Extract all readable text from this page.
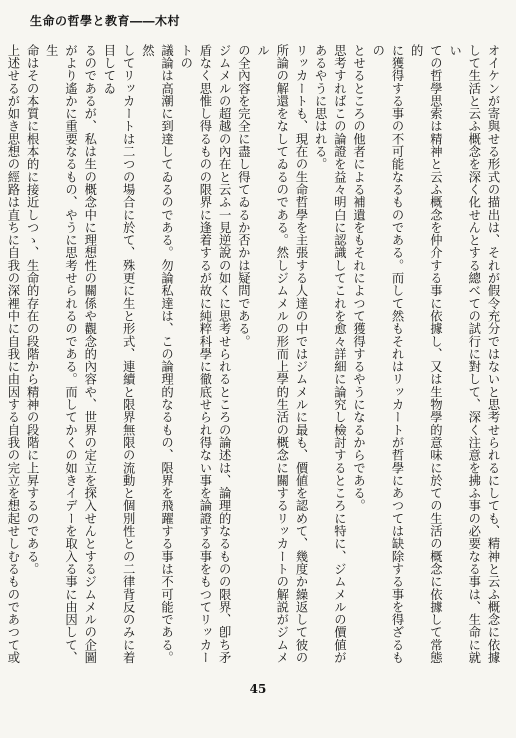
生命の哲學と教育――木村

オイケンが寄與せる形式の描出は、それが假令充分ではないと思考せられるにしても、精神と云ふ概念に依據
して生活と云ふ概念を深く化せんとする總べての試行に對して、深く注意を拂ふ事の必要なる事は、生命に就い
ての哲學思索は精神と云ふ概念を仲介する事に依據し、又は生物學的意味に於ての生活の概念に依據して常態的
に獲得する事の不可能なるものである。而して然もそれはリッカートが哲學にあつては缺除する事を得ざるもの
とせるところの他者による補遺をもそれによつて獲得するやうになるからである。

思考すればこの論證を益々明白に認識してこれを愈々詳細に論究し檢討するところに特に、ジムメルの價値が
あるやうに思はれる。

リッカートも、現在の生命哲學を主張する人達の中ではジムメルに最も、價値を認めて、幾度か繰返して彼の
所論の解還をなしてゐるのである。然しジムメルの形而上學的生活の概念に關するリッカートの解説がジムメル
の全內容を完全に盡し得てゐるか否かは疑問である。

ジムメルの超越の內在と云ふ一見逆說の如くに思考せられるところの論述は、論理的なるものの限界、卽ち矛
盾なく思惟し得るものの限界に逢着するが故に純粹科學に徹底せられ得ない事を論證する事をもつてリッカートの
議論は高潮に到達してゐるのである。勿論私達は、この論理的なるもの、限界を飛躍する事は不可能である。然
してリッカートは二つの場合に於て、殊更に生と形式、連續と限界無限の流動と個別性との二律背反のみに着目してゐ
るのであるが、私は生の概念中に理想性の關係や觀念的內容や、世界の定立を探入せんとするジムメルの企圖
がより遙かに重要なるもの、やうに思考せられるのである。而してかくの如きイデーを取入る事に由因して、生
命はその本質に根本的に接近しつゝ、生命的存在の段階から精神の段階に上昇するのである。

上述せるが如き思想の經路は直ちに自我の深裡中に自我に由因する自我の完立を想起せしむるものであつて或

45
